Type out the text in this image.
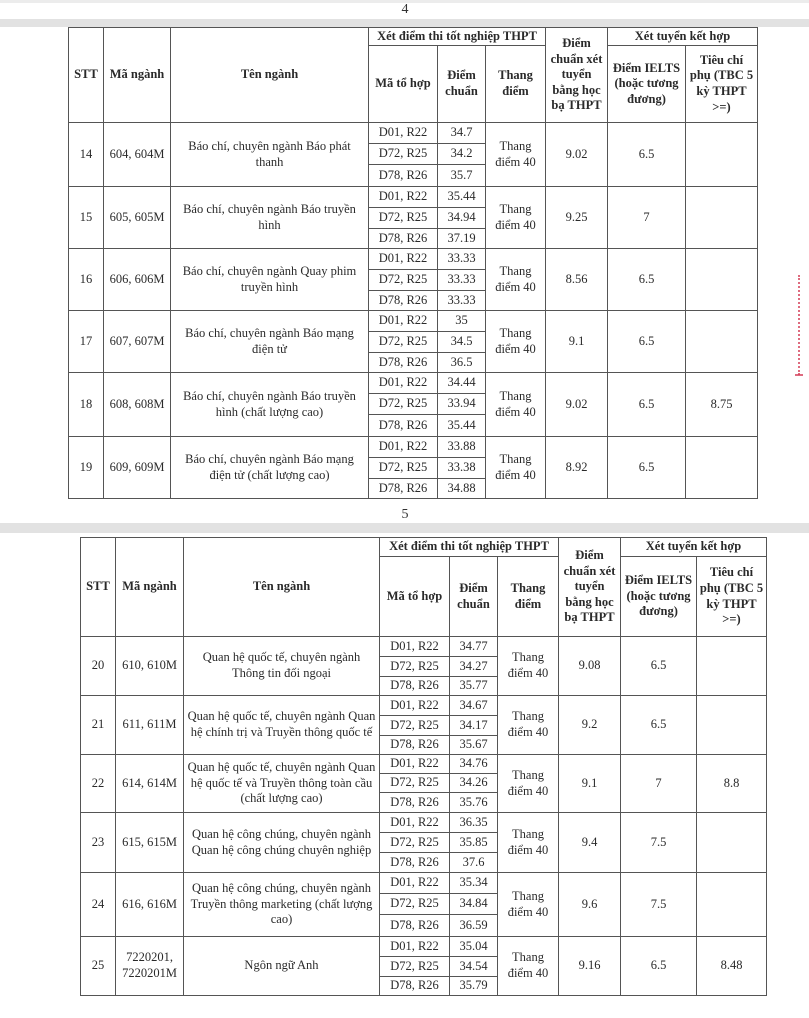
4
STT	Mã ngành	Tên ngành	Xét điểm thi tốt nghiệp THPT			Điểm chuẩn xét tuyển bằng học bạ THPT	Xét tuyển kết hợp	
			Mã tổ hợp	Điểm chuẩn	Thang điểm		Điểm IELTS (hoặc tương đương)	Tiêu chí phụ (TBC 5 kỳ THPT >=)
14	604, 604M	Báo chí, chuyên ngành Báo phát thanh	D01, R22	34.7	Thang điểm 40	9.02	6.5	
			D72, R25	34.2				
			D78, R26	35.7				
15	605, 605M	Báo chí, chuyên ngành Báo truyền hình	D01, R22	35.44	Thang điểm 40	9.25	7	
			D72, R25	34.94				
			D78, R26	37.19				
16	606, 606M	Báo chí, chuyên ngành Quay phim truyền hình	D01, R22	33.33	Thang điểm 40	8.56	6.5	
			D72, R25	33.33				
			D78, R26	33.33				
17	607, 607M	Báo chí, chuyên ngành Báo mạng điện tử	D01, R22	35	Thang điểm 40	9.1	6.5	
			D72, R25	34.5				
			D78, R26	36.5				
18	608, 608M	Báo chí, chuyên ngành Báo truyền hình (chất lượng cao)	D01, R22	34.44	Thang điểm 40	9.02	6.5	8.75
			D72, R25	33.94				
			D78, R26	35.44				
19	609, 609M	Báo chí, chuyên ngành Báo mạng điện tử (chất lượng cao)	D01, R22	33.88	Thang điểm 40	8.92	6.5	
			D72, R25	33.38				
			D78, R26	34.88				
5
STT	Mã ngành	Tên ngành	Xét điểm thi tốt nghiệp THPT			Điểm chuẩn xét tuyển bằng học bạ THPT	Xét tuyển kết hợp	
			Mã tổ hợp	Điểm chuẩn	Thang điểm		Điểm IELTS (hoặc tương đương)	Tiêu chí phụ (TBC 5 kỳ THPT >=)
20	610, 610M	Quan hệ quốc tế, chuyên ngành Thông tin đối ngoại	D01, R22	34.77	Thang điểm 40	9.08	6.5	
			D72, R25	34.27				
			D78, R26	35.77				
21	611, 611M	Quan hệ quốc tế, chuyên ngành Quan hệ chính trị và Truyền thông quốc tế	D01, R22	34.67	Thang điểm 40	9.2	6.5	
			D72, R25	34.17				
			D78, R26	35.67				
22	614, 614M	Quan hệ quốc tế, chuyên ngành Quan hệ quốc tế và Truyền thông toàn cầu (chất lượng cao)	D01, R22	34.76	Thang điểm 40	9.1	7	8.8
			D72, R25	34.26				
			D78, R26	35.76				
23	615, 615M	Quan hệ công chúng, chuyên ngành Quan hệ công chúng chuyên nghiệp	D01, R22	36.35	Thang điểm 40	9.4	7.5	
			D72, R25	35.85				
			D78, R26	37.6				
24	616, 616M	Quan hệ công chúng, chuyên ngành Truyền thông marketing (chất lượng cao)	D01, R22	35.34	Thang điểm 40	9.6	7.5	
			D72, R25	34.84				
			D78, R26	36.59				
25	7220201, 7220201M	Ngôn ngữ Anh	D01, R22	35.04	Thang điểm 40	9.16	6.5	8.48
			D72, R25	34.54				
			D78, R26	35.79				
